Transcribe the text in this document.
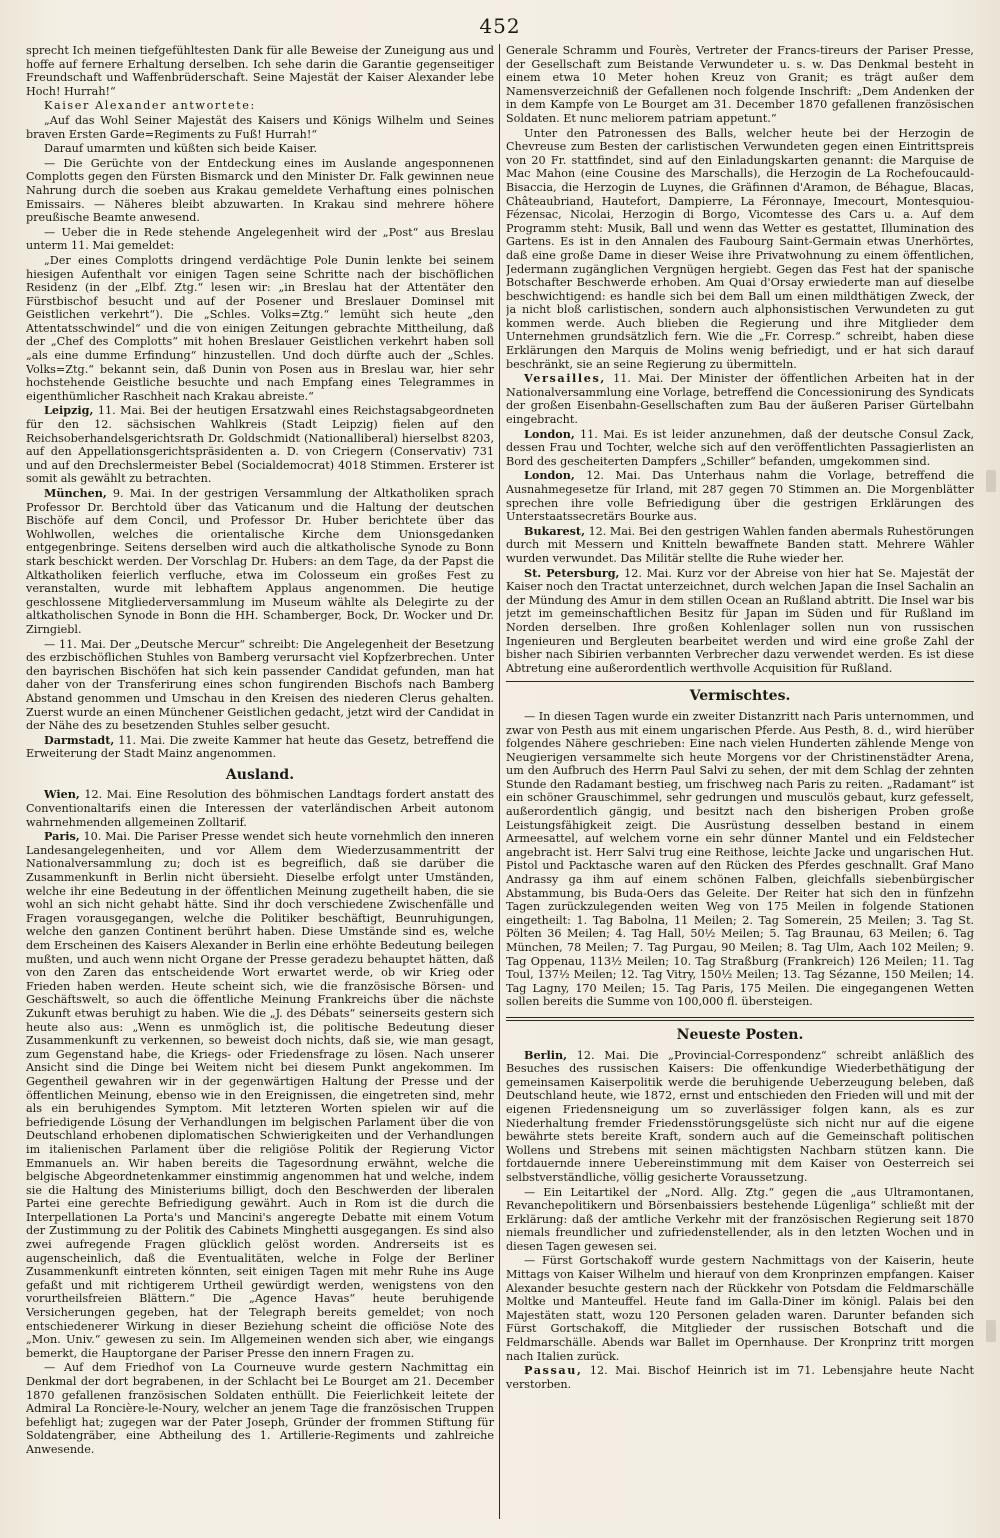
452

sprecht Ich meinen tiefgefühltesten Dank für alle Beweise der Zuneigung aus und hoffe auf fernere Erhaltung derselben. Ich sehe darin die Garantie gegenseitiger Freundschaft und Waffenbrüderschaft. Seine Majestät der Kaiser Alexander lebe Hoch! Hurrah!“

Kaiser Alexander antwortete:

„Auf das Wohl Seiner Majestät des Kaisers und Königs Wilhelm und Seines braven Ersten Garde=Regiments zu Fuß! Hurrah!“

Darauf umarmten und küßten sich beide Kaiser.

— Die Gerüchte von der Entdeckung eines im Auslande angesponnenen Complotts gegen den Fürsten Bismarck und den Minister Dr. Falk gewinnen neue Nahrung durch die soeben aus Krakau gemeldete Verhaftung eines polnischen Emissairs. — Näheres bleibt abzuwarten. In Krakau sind mehrere höhere preußische Beamte anwesend.

— Ueber die in Rede stehende Angelegenheit wird der „Post“ aus Breslau unterm 11. Mai gemeldet:

„Der eines Complotts dringend verdächtige Pole Dunin lenkte bei seinem hiesigen Aufenthalt vor einigen Tagen seine Schritte nach der bischöflichen Residenz (in der „Elbf. Ztg.“ lesen wir: „in Breslau hat der Attentäter den Fürstbischof besucht und auf der Posener und Breslauer Dominsel mit Geistlichen verkehrt“). Die „Schles. Volks=Ztg.“ lemüht sich heute „den Attentatsschwindel“ und die von einigen Zeitungen gebrachte Mittheilung, daß der „Chef des Complotts“ mit hohen Breslauer Geistlichen verkehrt haben soll „als eine dumme Erfindung“ hinzustellen. Und doch dürfte auch der „Schles. Volks=Ztg.“ bekannt sein, daß Dunin von Posen aus in Breslau war, hier sehr hochstehende Geistliche besuchte und nach Empfang eines Telegrammes in eigenthümlicher Raschheit nach Krakau abreiste.“

Leipzig, 11. Mai. Bei der heutigen Ersatzwahl eines Reichstagsabgeordneten für den 12. sächsischen Wahlkreis (Stadt Leipzig) fielen auf den Reichsoberhandelsgerichtsrath Dr. Goldschmidt (Nationalliberal) hierselbst 8203, auf den Appellationsgerichtspräsidenten a. D. von Criegern (Conservativ) 731 und auf den Drechslermeister Bebel (Socialdemocrat) 4018 Stimmen. Ersterer ist somit als gewählt zu betrachten.

München, 9. Mai. In der gestrigen Versammlung der Altkatholiken sprach Professor Dr. Berchtold über das Vaticanum und die Haltung der deutschen Bischöfe auf dem Concil, und Professor Dr. Huber berichtete über das Wohlwollen, welches die orientalische Kirche dem Unionsgedanken entgegenbringe. Seitens derselben wird auch die altkatholische Synode zu Bonn stark beschickt werden. Der Vorschlag Dr. Hubers: an dem Tage, da der Papst die Altkatholiken feierlich verfluche, etwa im Colosseum ein großes Fest zu veranstalten, wurde mit lebhaftem Applaus angenommen. Die heutige geschlossene Mitgliederversammlung im Museum wählte als Delegirte zu der altkatholischen Synode in Bonn die HH. Schamberger, Bock, Dr. Wocker und Dr. Zirngiebl.

— 11. Mai. Der „Deutsche Mercur“ schreibt: Die Angelegenheit der Besetzung des erzbischöflichen Stuhles von Bamberg verursacht viel Kopfzerbrechen. Unter den bayrischen Bischöfen hat sich kein passender Candidat gefunden, man hat daher von der Transferirung eines schon fungirenden Bischofs nach Bamberg Abstand genommen und Umschau in den Kreisen des niederen Clerus gehalten. Zuerst wurde an einen Münchener Geistlichen gedacht, jetzt wird der Candidat in der Nähe des zu besetzenden Stuhles selber gesucht.

Darmstadt, 11. Mai. Die zweite Kammer hat heute das Gesetz, betreffend die Erweiterung der Stadt Mainz angenommen.

Ausland.

Wien, 12. Mai. Eine Resolution des böhmischen Landtags fordert anstatt des Conventionaltarifs einen die Interessen der vaterländischen Arbeit autonom wahrnehmenden allgemeinen Zolltarif.

Paris, 10. Mai. Die Pariser Presse wendet sich heute vornehmlich den inneren Landesangelegenheiten, und vor Allem dem Wiederzusammentritt der Nationalversammlung zu; doch ist es begreiflich, daß sie darüber die Zusammenkunft in Berlin nicht übersieht. Dieselbe erfolgt unter Umständen, welche ihr eine Bedeutung in der öffentlichen Meinung zugetheilt haben, die sie wohl an sich nicht gehabt hätte. Sind ihr doch verschiedene Zwischenfälle und Fragen vorausgegangen, welche die Politiker beschäftigt, Beunruhigungen, welche den ganzen Continent berührt haben. Diese Umstände sind es, welche dem Erscheinen des Kaisers Alexander in Berlin eine erhöhte Bedeutung beilegen mußten, und auch wenn nicht Organe der Presse geradezu behauptet hätten, daß von den Zaren das entscheidende Wort erwartet werde, ob wir Krieg oder Frieden haben werden. Heute scheint sich, wie die französische Börsen- und Geschäftswelt, so auch die öffentliche Meinung Frankreichs über die nächste Zukunft etwas beruhigt zu haben. Wie die „J. des Débats“ seinerseits gestern sich heute also aus: „Wenn es unmöglich ist, die politische Bedeutung dieser Zusammenkunft zu verkennen, so beweist doch nichts, daß sie, wie man gesagt, zum Gegenstand habe, die Kriegs- oder Friedensfrage zu lösen. Nach unserer Ansicht sind die Dinge bei Weitem nicht bei diesem Punkt angekommen. Im Gegentheil gewahren wir in der gegenwärtigen Haltung der Presse und der öffentlichen Meinung, ebenso wie in den Ereignissen, die eingetreten sind, mehr als ein beruhigendes Symptom. Mit letzteren Worten spielen wir auf die befriedigende Lösung der Verhandlungen im belgischen Parlament über die von Deutschland erhobenen diplomatischen Schwierigkeiten und der Verhandlungen im italienischen Parlament über die religiöse Politik der Regierung Victor Emmanuels an. Wir haben bereits die Tagesordnung erwähnt, welche die belgische Abgeordnetenkammer einstimmig angenommen hat und welche, indem sie die Haltung des Ministeriums billigt, doch den Beschwerden der liberalen Partei eine gerechte Befriedigung gewährt. Auch in Rom ist die durch die Interpellationen La Porta's und Mancini's angeregte Debatte mit einem Votum der Zustimmung zu der Politik des Cabinets Minghetti ausgegangen. Es sind also zwei aufregende Fragen glücklich gelöst worden. Andrerseits ist es augenscheinlich, daß die Eventualitäten, welche in Folge der Berliner Zusammenkunft eintreten könnten, seit einigen Tagen mit mehr Ruhe ins Auge gefaßt und mit richtigerem Urtheil gewürdigt werden, wenigstens von den vorurtheilsfreien Blättern.“ Die „Agence Havas“ heute beruhigende Versicherungen gegeben, hat der Telegraph bereits gemeldet; von noch entschiedenerer Wirkung in dieser Beziehung scheint die officiöse Note des „Mon. Univ.“ gewesen zu sein. Im Allgemeinen wenden sich aber, wie eingangs bemerkt, die Hauptorgane der Pariser Presse den innern Fragen zu.

— Auf dem Friedhof von La Courneuve wurde gestern Nachmittag ein Denkmal der dort begrabenen, in der Schlacht bei Le Bourget am 21. December 1870 gefallenen französischen Soldaten enthüllt. Die Feierlichkeit leitete der Admiral La Roncière-le-Noury, welcher an jenem Tage die französischen Truppen befehligt hat; zugegen war der Pater Joseph, Gründer der frommen Stiftung für Soldatengräber, eine Abtheilung des 1. Artillerie-Regiments und zahlreiche Anwesende.

Generale Schramm und Fourès, Vertreter der Francs-tireurs der Pariser Presse, der Gesellschaft zum Beistande Verwundeter u. s. w. Das Denkmal besteht in einem etwa 10 Meter hohen Kreuz von Granit; es trägt außer dem Namensverzeichniß der Gefallenen noch folgende Inschrift: „Dem Andenken der in dem Kampfe von Le Bourget am 31. December 1870 gefallenen französischen Soldaten. Et nunc meliorem patriam appetunt.“

Unter den Patronessen des Balls, welcher heute bei der Herzogin de Chevreuse zum Besten der carlistischen Verwundeten gegen einen Eintrittspreis von 20 Fr. stattfindet, sind auf den Einladungskarten genannt: die Marquise de Mac Mahon (eine Cousine des Marschalls), die Herzogin de La Rochefoucauld-Bisaccia, die Herzogin de Luynes, die Gräfinnen d'Aramon, de Béhague, Blacas, Châteaubriand, Hautefort, Dampierre, La Féronnaye, Imecourt, Montesquiou-Fézensac, Nicolai, Herzogin di Borgo, Vicomtesse des Cars u. a. Auf dem Programm steht: Musik, Ball und wenn das Wetter es gestattet, Illumination des Gartens. Es ist in den Annalen des Faubourg Saint-Germain etwas Unerhörtes, daß eine große Dame in dieser Weise ihre Privatwohnung zu einem öffentlichen, Jedermann zugänglichen Vergnügen hergiebt. Gegen das Fest hat der spanische Botschafter Beschwerde erhoben. Am Quai d'Orsay erwiederte man auf dieselbe beschwichtigend: es handle sich bei dem Ball um einen mildthätigen Zweck, der ja nicht bloß carlistischen, sondern auch alphonsistischen Verwundeten zu gut kommen werde. Auch blieben die Regierung und ihre Mitglieder dem Unternehmen grundsätzlich fern. Wie die „Fr. Corresp.“ schreibt, haben diese Erklärungen den Marquis de Molins wenig befriedigt, und er hat sich darauf beschränkt, sie an seine Regierung zu übermitteln.

Versailles, 11. Mai. Der Minister der öffentlichen Arbeiten hat in der Nationalversammlung eine Vorlage, betreffend die Concessionirung des Syndicats der großen Eisenbahn-Gesellschaften zum Bau der äußeren Pariser Gürtelbahn eingebracht.

London, 11. Mai. Es ist leider anzunehmen, daß der deutsche Consul Zack, dessen Frau und Tochter, welche sich auf den veröffentlichten Passagierlisten an Bord des gescheiterten Dampfers „Schiller“ befanden, umgekommen sind.

London, 12. Mai. Das Unterhaus nahm die Vorlage, betreffend die Ausnahmegesetze für Irland, mit 287 gegen 70 Stimmen an. Die Morgenblätter sprechen ihre volle Befriedigung über die gestrigen Erklärungen des Unterstaatssecretärs Bourke aus.

Bukarest, 12. Mai. Bei den gestrigen Wahlen fanden abermals Ruhestörungen durch mit Messern und Knitteln bewaffnete Banden statt. Mehrere Wähler wurden verwundet. Das Militär stellte die Ruhe wieder her.

St. Petersburg, 12. Mai. Kurz vor der Abreise von hier hat Se. Majestät der Kaiser noch den Tractat unterzeichnet, durch welchen Japan die Insel Sachalin an der Mündung des Amur in dem stillen Ocean an Rußland abtritt. Die Insel war bis jetzt im gemeinschaftlichen Besitz für Japan im Süden und für Rußland im Norden derselben. Ihre großen Kohlenlager sollen nun von russischen Ingenieuren und Bergleuten bearbeitet werden und wird eine große Zahl der bisher nach Sibirien verbannten Verbrecher dazu verwendet werden. Es ist diese Abtretung eine außerordentlich werthvolle Acquisition für Rußland.

Vermischtes.

— In diesen Tagen wurde ein zweiter Distanzritt nach Paris unternommen, und zwar von Pesth aus mit einem ungarischen Pferde. Aus Pesth, 8. d., wird hierüber folgendes Nähere geschrieben: Eine nach vielen Hunderten zählende Menge von Neugierigen versammelte sich heute Morgens vor der Christinenstädter Arena, um den Aufbruch des Herrn Paul Salvi zu sehen, der mit dem Schlag der zehnten Stunde den Radamant bestieg, um frischweg nach Paris zu reiten. „Radamant“ ist ein schöner Grauschimmel, sehr gedrungen und musculös gebaut, kurz gefesselt, außerordentlich gängig, und besitzt nach den bisherigen Proben große Leistungsfähigkeit zeigt. Die Ausrüstung desselben bestand in einem Armeesattel, auf welchem vorne ein sehr dünner Mantel und ein Feldstecher angebracht ist. Herr Salvi trug eine Reithose, leichte Jacke und ungarischen Hut. Pistol und Packtasche waren auf den Rücken des Pferdes geschnallt. Graf Mano Andrassy ga ihm auf einem schönen Falben, gleichfalls siebenbürgischer Abstammung, bis Buda-Oers das Geleite. Der Reiter hat sich den in fünfzehn Tagen zurückzulegenden weiten Weg von 175 Meilen in folgende Stationen eingetheilt: 1. Tag Babolna, 11 Meilen; 2. Tag Somerein, 25 Meilen; 3. Tag St. Pölten 36 Meilen; 4. Tag Hall, 50½ Meilen; 5. Tag Braunau, 63 Meilen; 6. Tag München, 78 Meilen; 7. Tag Purgau, 90 Meilen; 8. Tag Ulm, Aach 102 Meilen; 9. Tag Oppenau, 113½ Meilen; 10. Tag Straßburg (Frankreich) 126 Meilen; 11. Tag Toul, 137½ Meilen; 12. Tag Vitry, 150½ Meilen; 13. Tag Sézanne, 150 Meilen; 14. Tag Lagny, 170 Meilen; 15. Tag Paris, 175 Meilen. Die eingegangenen Wetten sollen bereits die Summe von 100,000 fl. übersteigen.

Neueste Posten.

Berlin, 12. Mai. Die „Provincial-Correspondenz“ schreibt anläßlich des Besuches des russischen Kaisers: Die offenkundige Wiederbethätigung der gemeinsamen Kaiserpolitik werde die beruhigende Ueberzeugung beleben, daß Deutschland heute, wie 1872, ernst und entschieden den Frieden will und mit der eigenen Friedensneigung um so zuverlässiger folgen kann, als es zur Niederhaltung fremder Friedensstörungsgelüste sich nicht nur auf die eigene bewährte stets bereite Kraft, sondern auch auf die Gemeinschaft politischen Wollens und Strebens mit seinen mächtigsten Nachbarn stützen kann. Die fortdauernde innere Uebereinstimmung mit dem Kaiser von Oesterreich sei selbstverständliche, völlig gesicherte Voraussetzung.

— Ein Leitartikel der „Nord. Allg. Ztg.“ gegen die „aus Ultramontanen, Revanchepolitikern und Börsenbaissiers bestehende Lügenliga“ schließt mit der Erklärung: daß der amtliche Verkehr mit der französischen Regierung seit 1870 niemals freundlicher und zufriedenstellender, als in den letzten Wochen und in diesen Tagen gewesen sei.

— Fürst Gortschakoff wurde gestern Nachmittags von der Kaiserin, heute Mittags von Kaiser Wilhelm und hierauf von dem Kronprinzen empfangen. Kaiser Alexander besuchte gestern nach der Rückkehr von Potsdam die Feldmarschälle Moltke und Manteuffel. Heute fand im Galla-Diner im königl. Palais bei den Majestäten statt, wozu 120 Personen geladen waren. Darunter befanden sich Fürst Gortschakoff, die Mitglieder der russischen Botschaft und die Feldmarschälle. Abends war Ballet im Opernhause. Der Kronprinz tritt morgen nach Italien zurück.

Passau, 12. Mai. Bischof Heinrich ist im 71. Lebensjahre heute Nacht verstorben.
